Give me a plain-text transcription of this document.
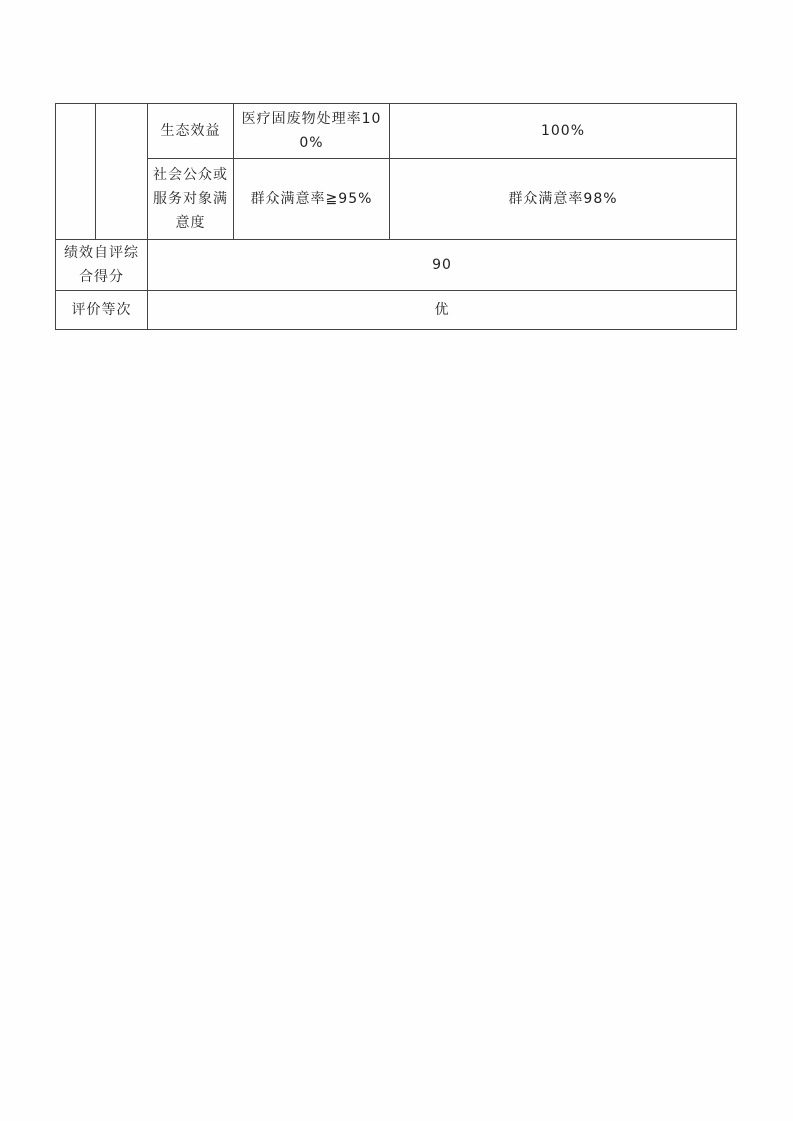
		生态效益	医疗固废物处理率100%	100%
		社会公众或服务对象满意度	群众满意率≧95%	群众满意率98%
绩效自评综合得分		90		
评价等次		优		
